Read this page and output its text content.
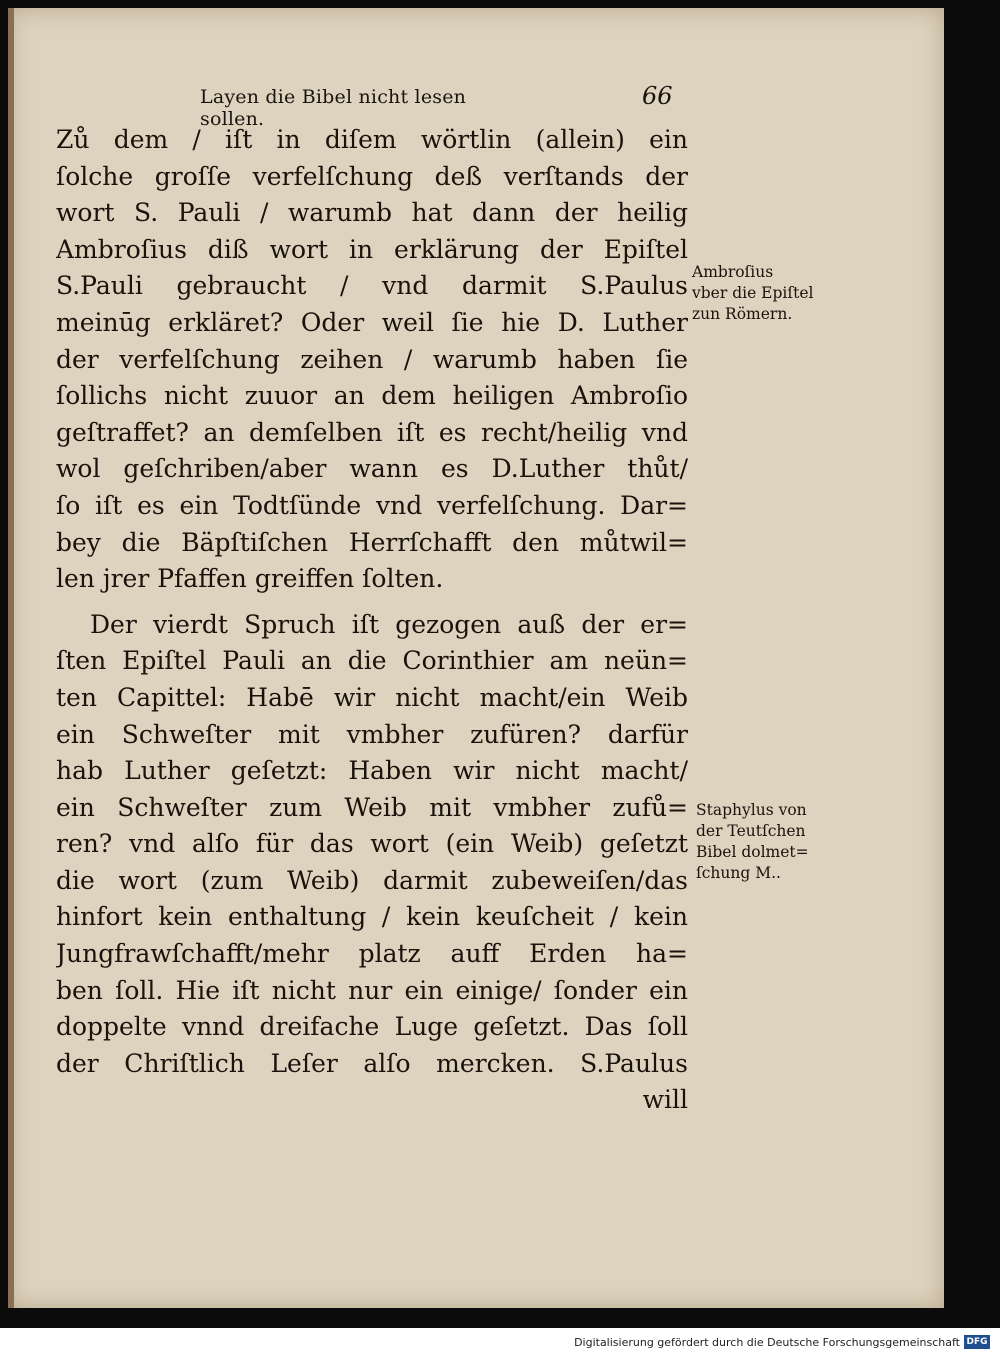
Layen die Bibel nicht lesen sollen.
66
Zů dem / iſt in diſem wörtlin (allein) ein
ſolche groſſe verfelſchung deß verſtands der
wort S. Pauli / warumb hat dann der heilig
Ambroſius diß wort in erklärung der Epiſtel
S.Pauli gebraucht / vnd darmit S.Paulus
meinūg erkläret? Oder weil ſie hie D. Luther
der verfelſchung zeihen / warumb haben ſie
ſollichs nicht zuuor an dem heiligen Ambroſio
geſtraffet? an demſelben iſt es recht/heilig vnd
wol geſchriben/aber wann es D.Luther thůt/
ſo iſt es ein Todtſünde vnd verfelſchung. Dar=
bey die Bäpſtiſchen Herrſchafft den můtwil=
len jrer Pfaffen greiffen ſolten.
Der vierdt Spruch iſt gezogen auß der er=
ſten Epiſtel Pauli an die Corinthier am neün=
ten Capittel: Habē wir nicht macht/ein Weib
ein Schweſter mit vmbher zufüren? darfür
hab Luther geſetzt: Haben wir nicht macht/
ein Schweſter zum Weib mit vmbher zufů=
ren? vnd alſo für das wort (ein Weib) geſetzt
die wort (zum Weib) darmit zubeweiſen/das
hinfort kein enthaltung / kein keuſcheit / kein
Jungfrawſchafft/mehr platz auff Erden ha=
ben ſoll. Hie iſt nicht nur ein einige/ ſonder ein
doppelte vnnd dreifache Luge geſetzt. Das ſoll
der Chriſtlich Leſer alſo mercken. S.Paulus
will
Ambroſius
vber die Epiſtel
zun Römern.
Staphylus von
der Teutſchen
Bibel dolmet=
ſchung M..
Digitalisierung gefördert durch die Deutsche Forschungsgemeinschaft DFG
